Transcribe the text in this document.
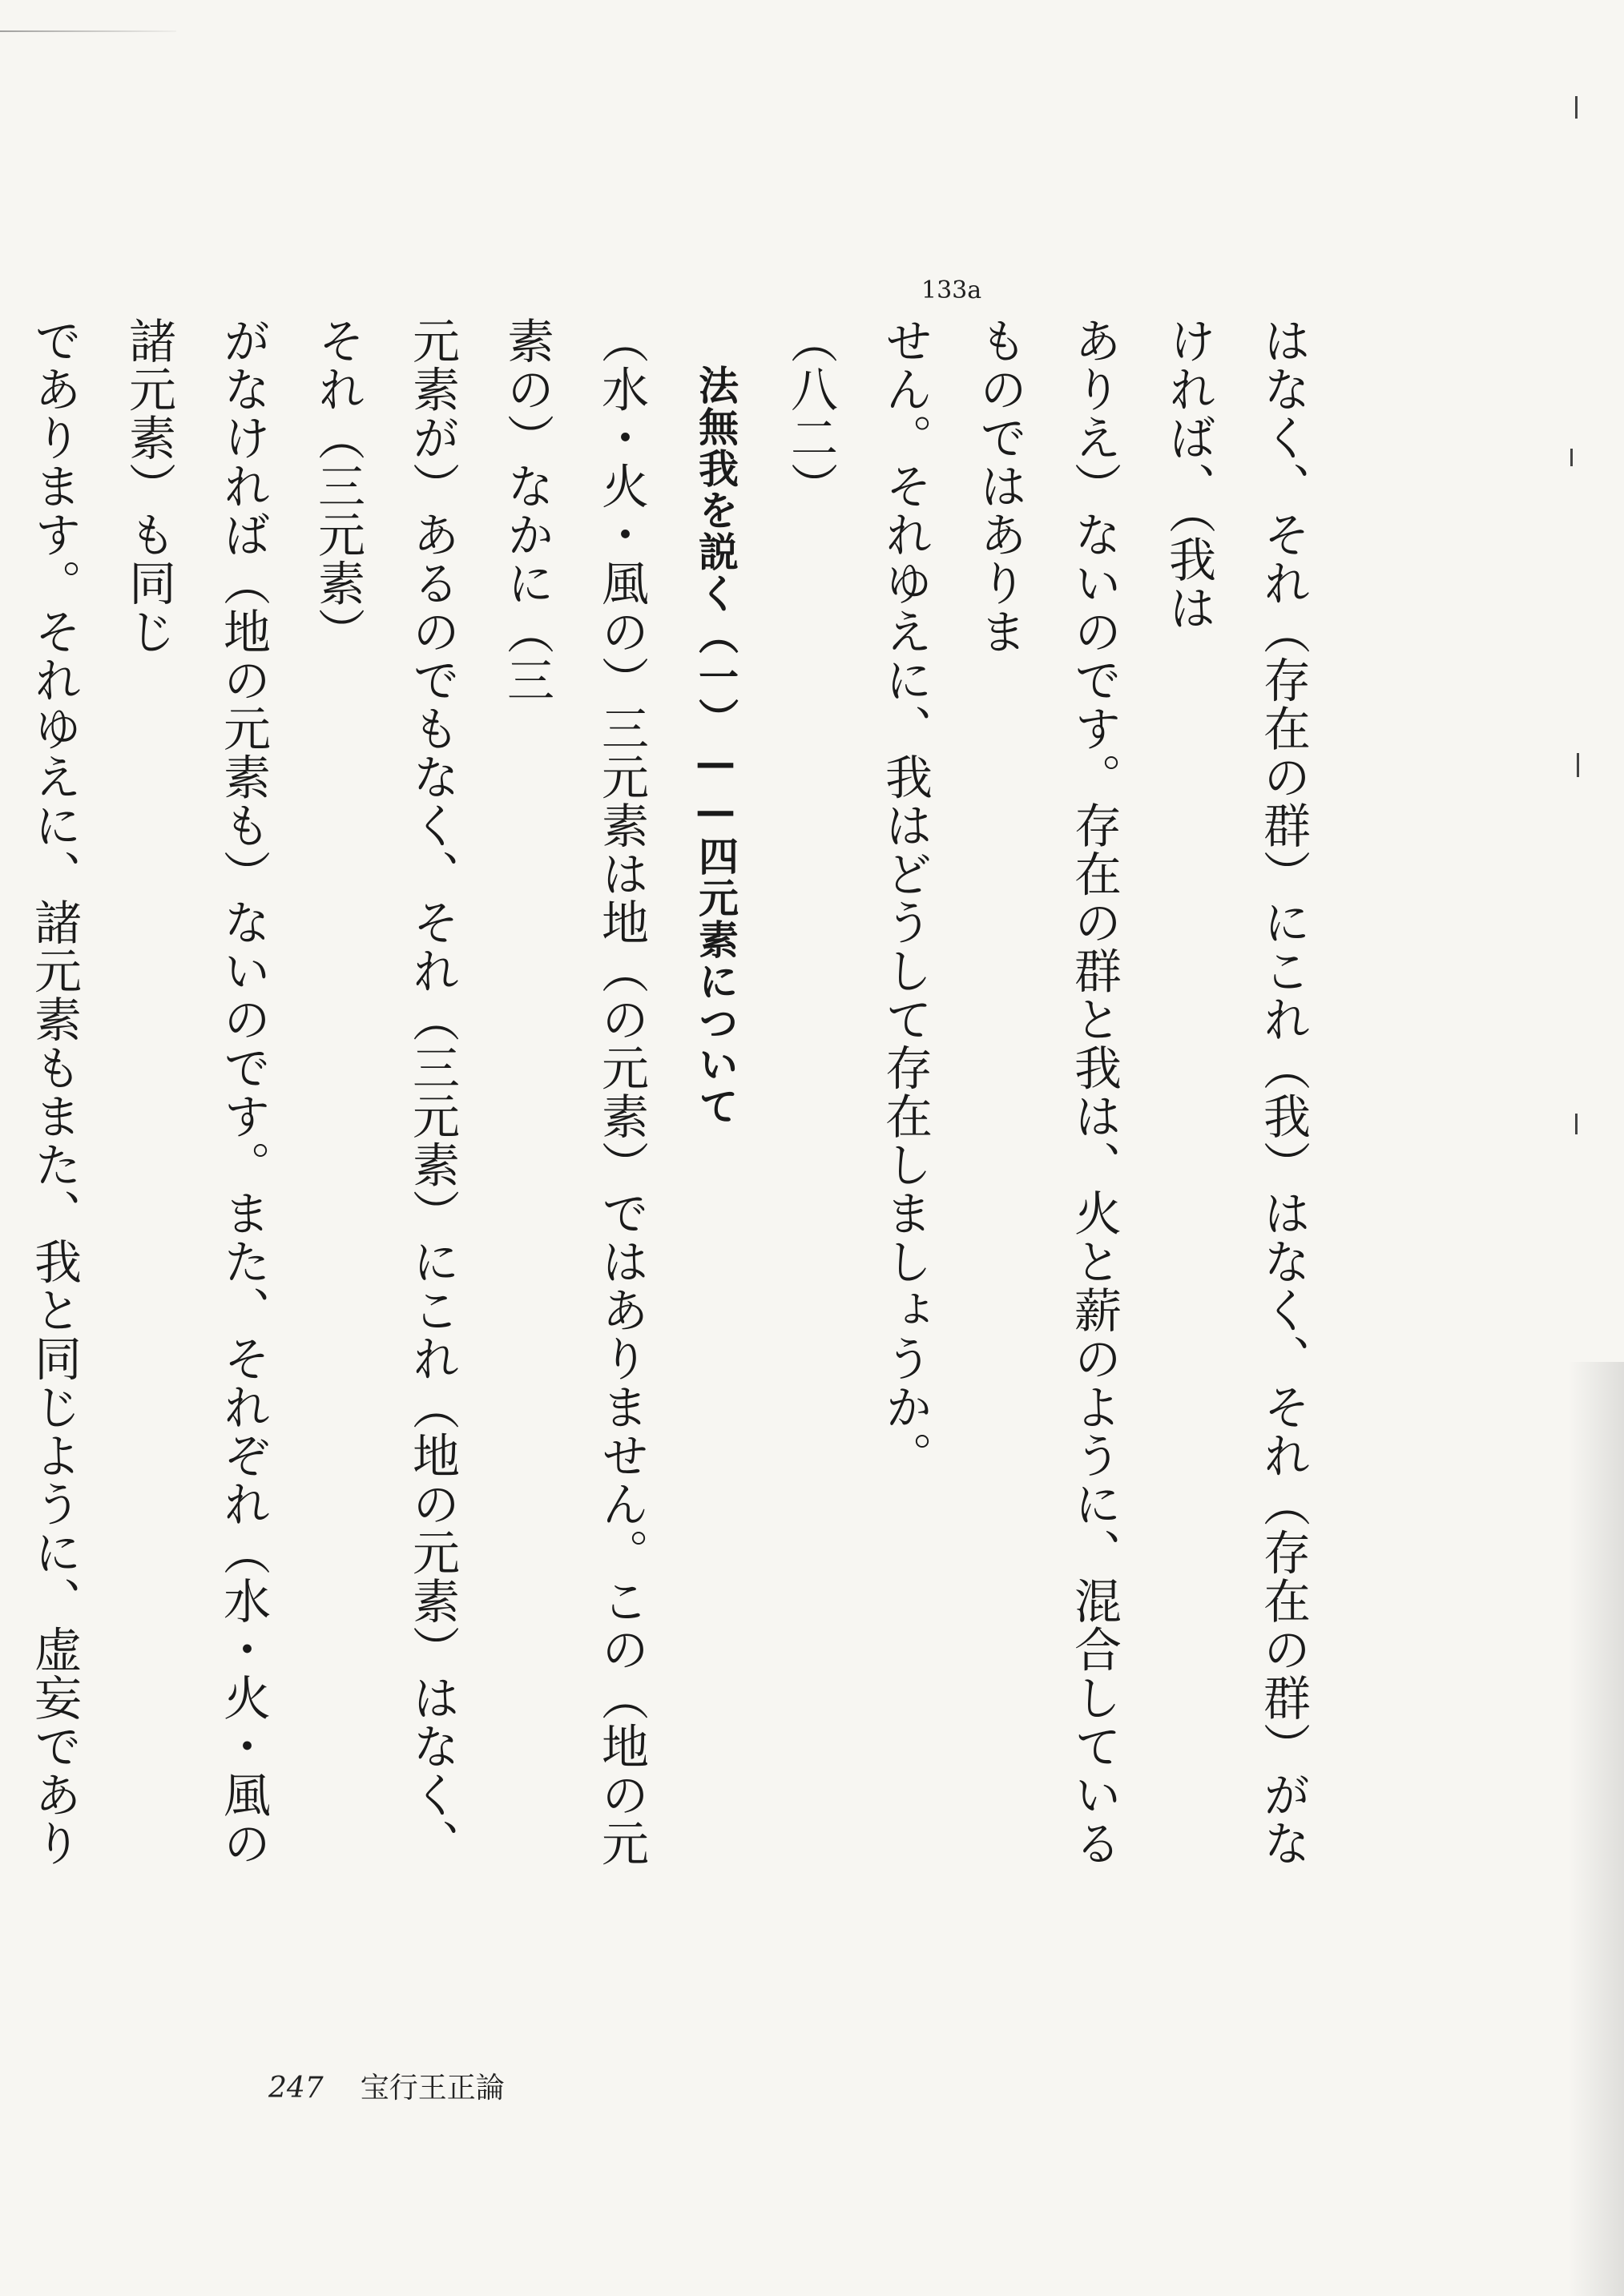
133a

はなく、それ（存在の群）にこれ（我）はなく、それ（存在の群）がなければ、（我は

ありえ）ないのです。存在の群と我は、火と薪のように、混合しているものではありま

せん。それゆえに、我はどうして存在しましょうか。（八二）

法無我を説く（一）——四元素について

（水・火・風の）三元素は地（の元素）ではありません。この（地の元素の）なかに（三

元素が）あるのでもなく、それ（三元素）にこれ（地の元素）はなく、それ（三元素）

がなければ（地の元素も）ないのです。また、それぞれ（水・火・風の諸元素）も同じ

であります。それゆえに、諸元素もまた、我と同じように、虚妄であり

247 宝行王正論
